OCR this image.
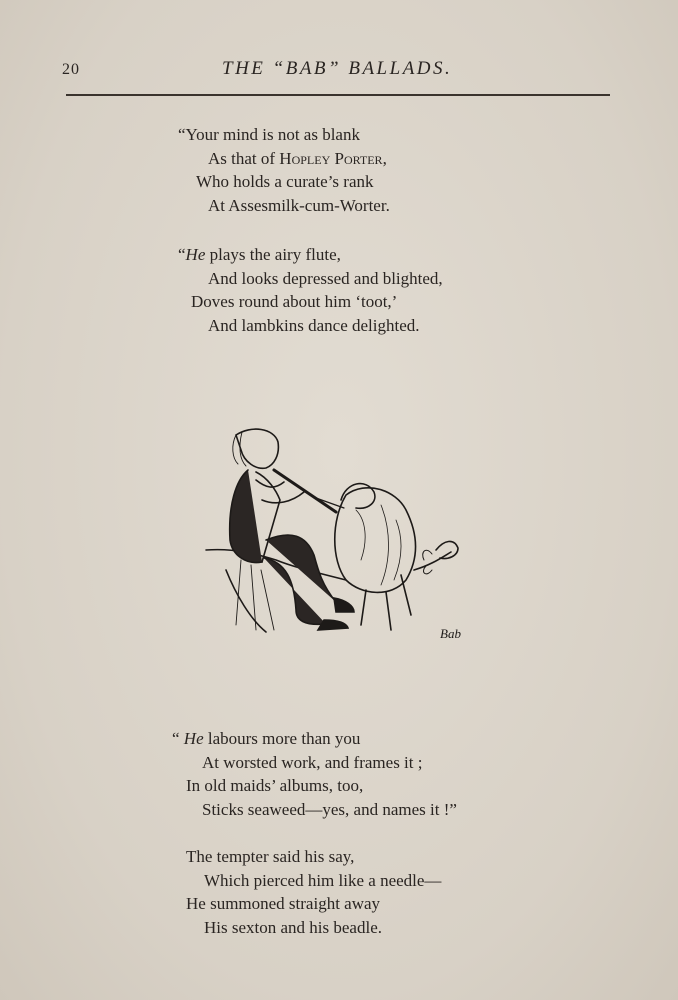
20	THE “BAB” BALLADS.
“Your mind is not as blank
As that of Hopley Porter,
Who holds a curate’s rank
At Assesmilk-cum-Worter.
“He plays the airy flute,
And looks depressed and blighted,
Doves round about him ‘toot,’
And lambkins dance delighted.
Bab
“ He labours more than you
At worsted work, and frames it ;
In old maids’ albums, too,
Sticks seaweed—yes, and names it !”
The tempter said his say,
Which pierced him like a needle—
He summoned straight away
His sexton and his beadle.
